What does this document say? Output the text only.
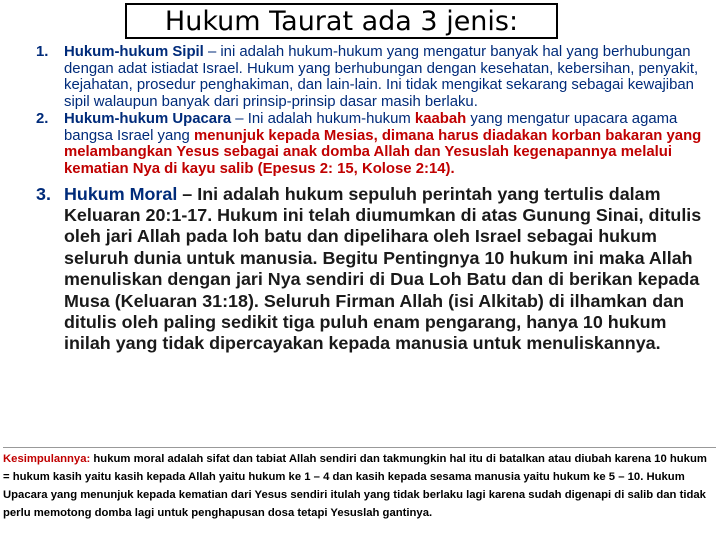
Hukum Taurat ada 3 jenis:
1. Hukum-hukum Sipil – ini adalah hukum-hukum yang mengatur banyak hal yang berhubungan dengan adat istiadat Israel. Hukum yang berhubungan dengan kesehatan, kebersihan, penyakit, kejahatan, prosedur penghakiman, dan lain-lain. Ini tidak mengikat sekarang sebagai kewajiban sipil walaupun banyak dari prinsip-prinsip dasar masih berlaku.
2. Hukum-hukum Upacara – Ini adalah hukum-hukum kaabah yang mengatur upacara agama bangsa Israel yang menunjuk kepada Mesias, dimana harus diadakan korban bakaran yang melambangkan Yesus sebagai anak domba Allah dan Yesuslah kegenapannya melalui kematian Nya di kayu salib (Epesus 2: 15, Kolose 2:14).
3. Hukum Moral – Ini adalah hukum sepuluh perintah yang tertulis dalam Keluaran 20:1-17. Hukum ini telah diumumkan di atas Gunung Sinai, ditulis oleh jari Allah pada loh batu dan dipelihara oleh Israel sebagai hukum seluruh dunia untuk manusia. Begitu Pentingnya 10 hukum ini maka Allah menuliskan dengan jari Nya sendiri di Dua Loh Batu dan di berikan kepada Musa (Keluaran 31:18). Seluruh Firman Allah (isi Alkitab) di ilhamkan dan ditulis oleh paling sedikit tiga puluh enam pengarang, hanya 10 hukum inilah yang tidak dipercayakan kepada manusia untuk menuliskannya.
Kesimpulannya: hukum moral adalah sifat dan tabiat Allah sendiri dan takmungkin hal itu di batalkan atau diubah karena 10 hukum = hukum kasih yaitu kasih kepada Allah yaitu hukum ke 1 – 4 dan kasih kepada sesama manusia yaitu hukum ke 5 – 10. Hukum Upacara yang menunjuk kepada kematian dari Yesus sendiri itulah yang tidak berlaku lagi karena sudah digenapi di salib dan tidak perlu memotong domba lagi untuk penghapusan dosa tetapi Yesuslah gantinya.
